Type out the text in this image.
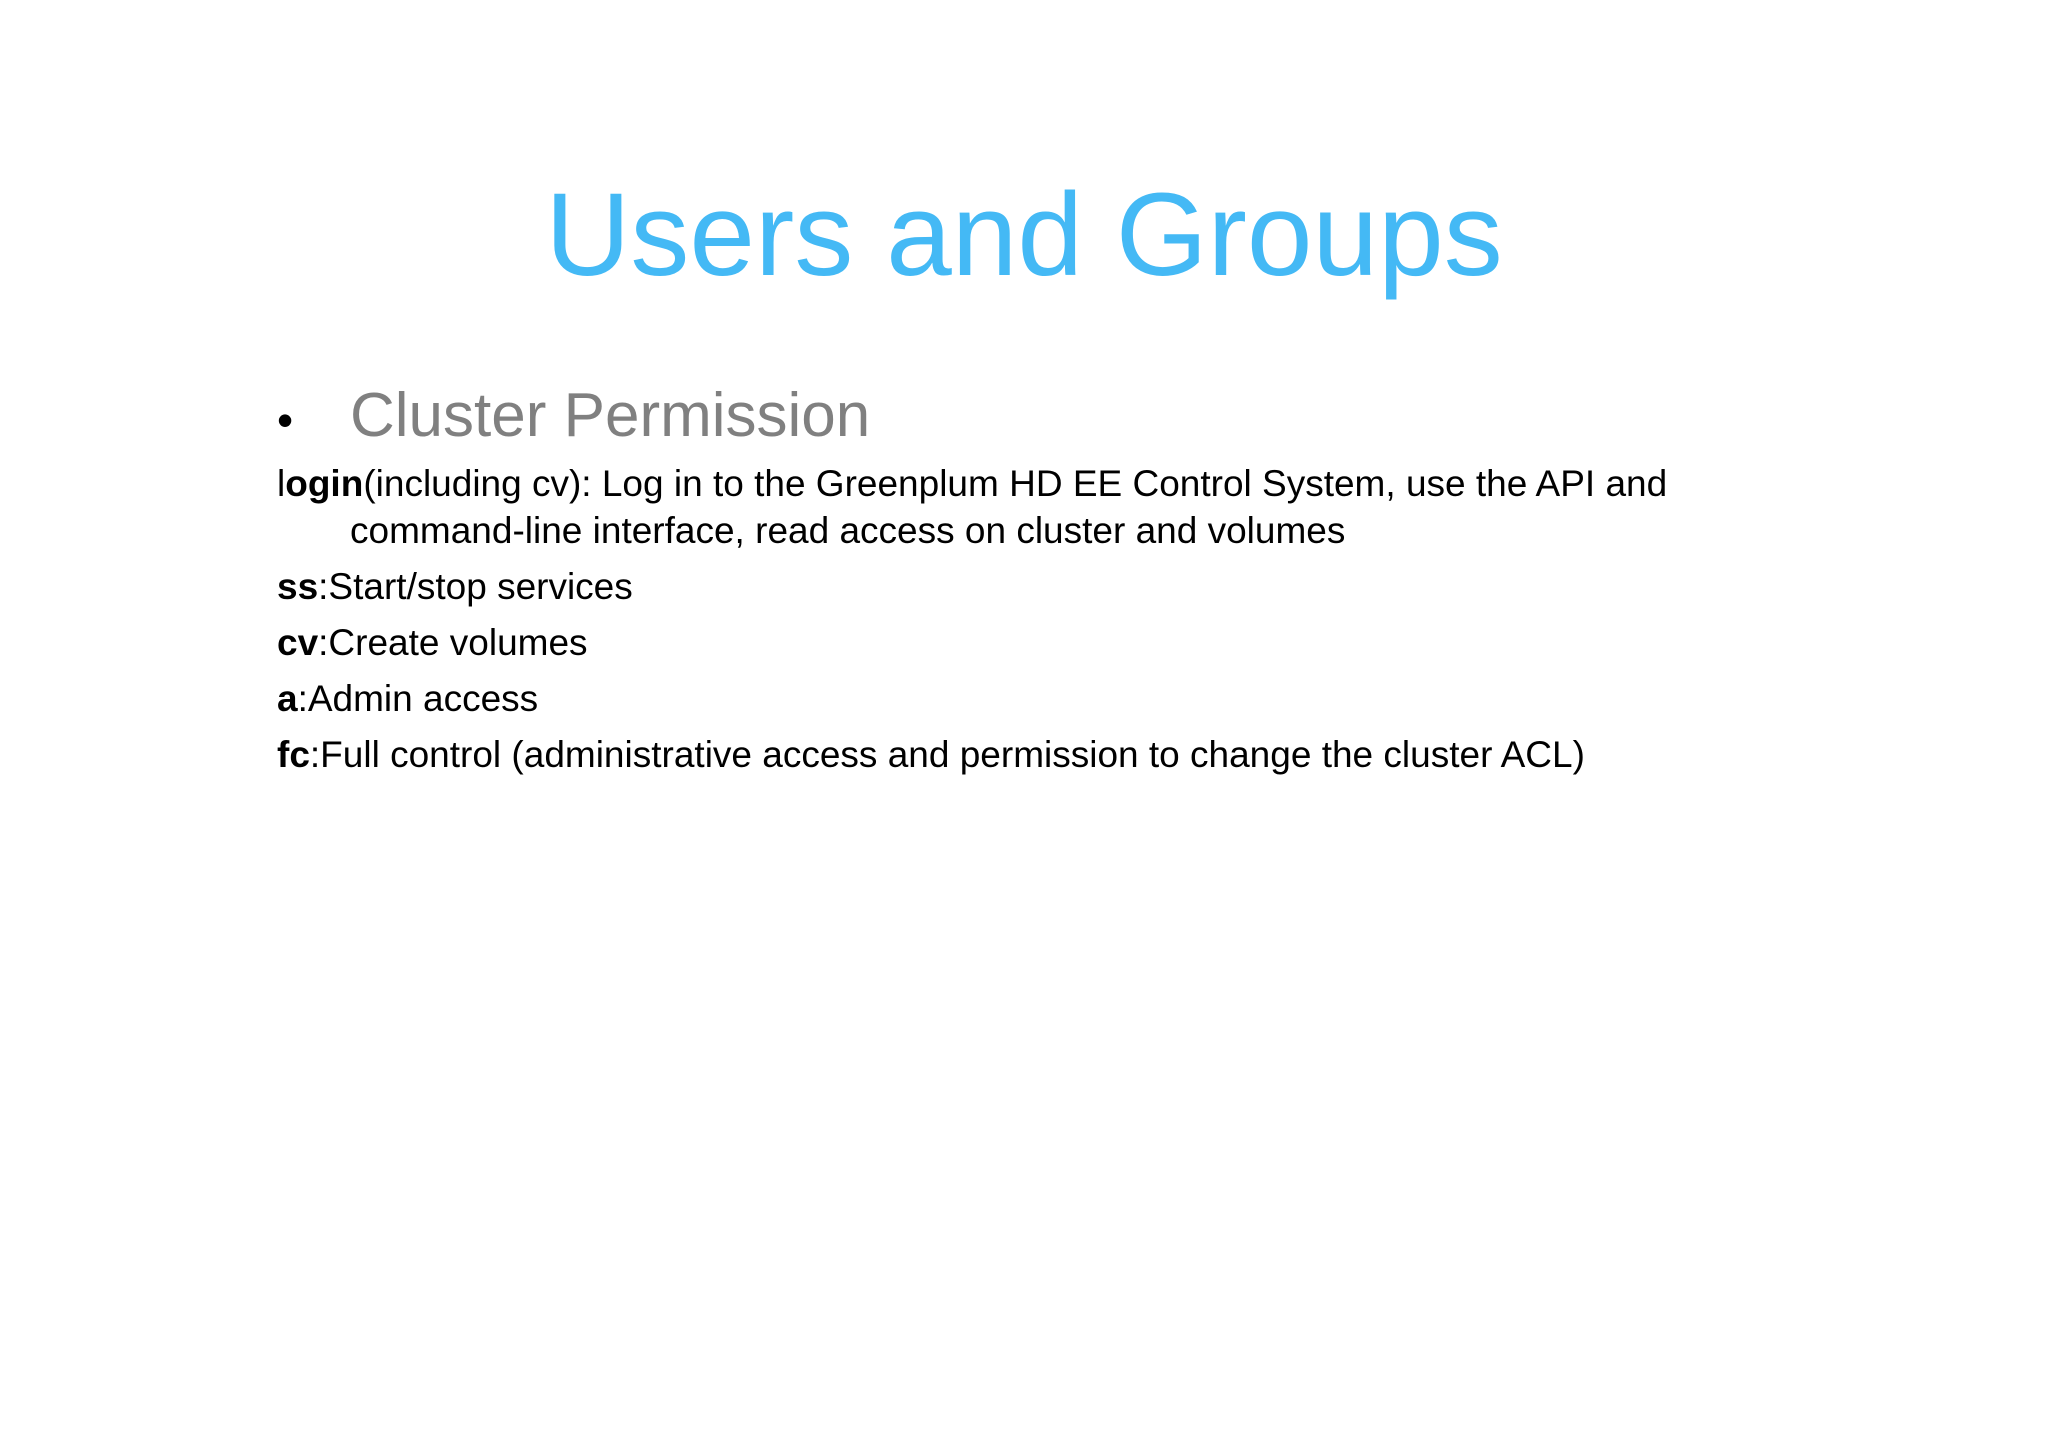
Users and Groups
• Cluster Permission

login(including cv): Log in to the Greenplum HD EE Control System, use the API and command-line interface, read access on cluster and volumes

ss:Start/stop services

cv:Create volumes

a:Admin access

fc:Full control (administrative access and permission to change the cluster ACL)
